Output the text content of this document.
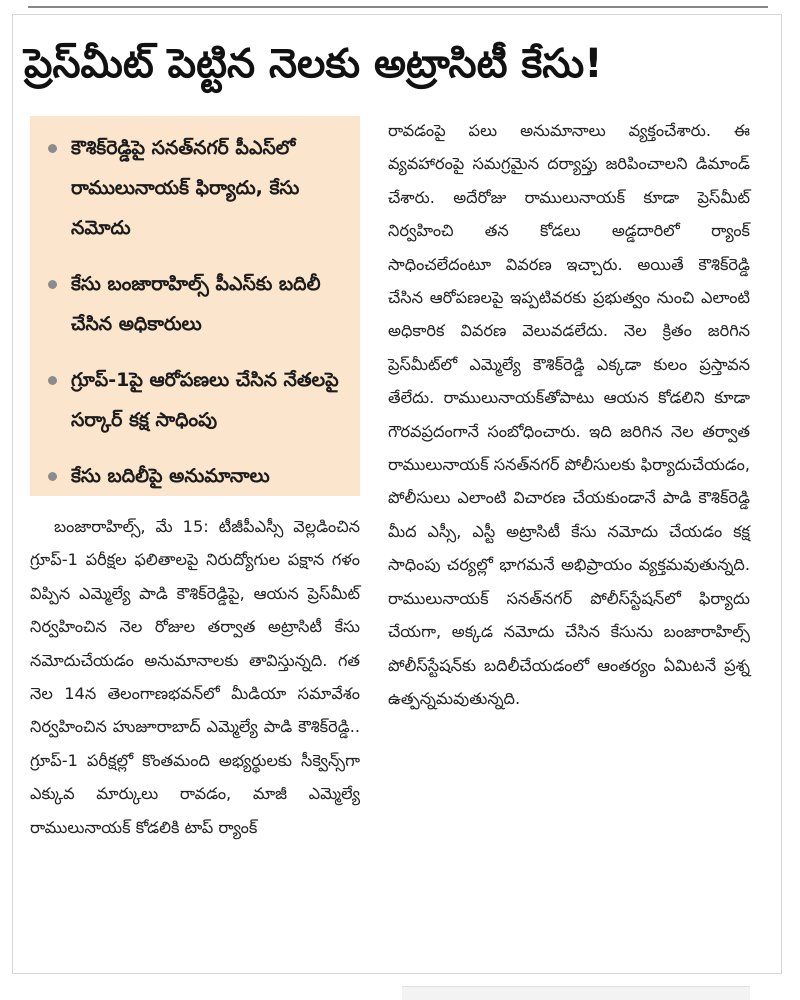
ప్రెస్‌మీట్ పెట్టిన నెలకు అట్రాసిటీ కేసు!
కౌశిక్‌రెడ్డిపై సనత్‌నగర్ పీఎస్‌లో రాములునాయక్ ఫిర్యాదు, కేసు నమోదు
కేసు బంజారాహిల్స్ పీఎస్‌కు బదిలీ చేసిన అధికారులు
గ్రూప్-1పై ఆరోపణలు చేసిన నేతలపై సర్కార్ కక్ష సాధింపు
కేసు బదిలీపై అనుమానాలు
బంజారాహిల్స్, మే 15: టీజీపీఎస్సీ వెల్లడించిన గ్రూప్-1 పరీక్షల ఫలితాలపై నిరుద్యోగుల పక్షాన గళం విప్పిన ఎమ్మెల్యే పాడి కౌశిక్‌రెడ్డిపై, ఆయన ప్రెస్‌మీట్ నిర్వహించిన నెల రోజుల తర్వాత అట్రాసిటీ కేసు నమోదుచేయడం అనుమానాలకు తావిస్తున్నది. గత నెల 14న తెలంగాణభవన్‌లో మీడియా సమావేశం నిర్వహించిన హుజూరాబాద్ ఎమ్మెల్యే పాడి కౌశిక్‌రెడ్డి.. గ్రూప్-1 పరీక్షల్లో కొంతమంది అభ్యర్థులకు సీక్వెన్స్‌గా ఎక్కువ మార్కులు రావడం, మాజీ ఎమ్మెల్యే రాములునాయక్ కోడలికి టాప్ ర్యాంక్
రావడంపై పలు అనుమానాలు వ్యక్తంచేశారు. ఈ వ్యవహారంపై సమగ్రమైన దర్యాప్తు జరిపించాలని డిమాండ్ చేశారు. అదేరోజు రాములునాయక్ కూడా ప్రెస్‌మీట్ నిర్వహించి తన కోడలు అడ్డదారిలో ర్యాంక్ సాధించలేదంటూ వివరణ ఇచ్చారు. అయితే కౌశిక్‌రెడ్డి చేసిన ఆరోపణలపై ఇప్పటివరకు ప్రభుత్వం నుంచి ఎలాంటి అధికారిక వివరణ వెలువడలేదు. నెల క్రితం జరిగిన ప్రెస్‌మీట్‌లో ఎమ్మెల్యే కౌశిక్‌రెడ్డి ఎక్కడా కులం ప్రస్తావన తేలేదు. రాములునాయక్‌తోపాటు ఆయన కోడలిని కూడా గౌరవప్రదంగానే సంబోధించారు. ఇది జరిగిన నెల తర్వాత రాములునాయక్ సనత్‌నగర్ పోలీసులకు ఫిర్యాదుచేయడం, పోలీసులు ఎలాంటి విచారణ చేయకుండానే పాడి కౌశిక్‌రెడ్డి మీద ఎస్సీ, ఎస్టీ అట్రాసిటీ కేసు నమోదు చేయడం కక్ష సాధింపు చర్యల్లో భాగమనే అభిప్రాయం వ్యక్తమవుతున్నది. రాములునాయక్ సనత్‌నగర్ పోలీస్‌స్టేషన్‌లో ఫిర్యాదు చేయగా, అక్కడ నమోదు చేసిన కేసును బంజారాహిల్స్ పోలీస్‌స్టేషన్‌కు బదిలీచేయడంలో ఆంతర్యం ఏమిటనే ప్రశ్న ఉత్పన్నమవుతున్నది.
